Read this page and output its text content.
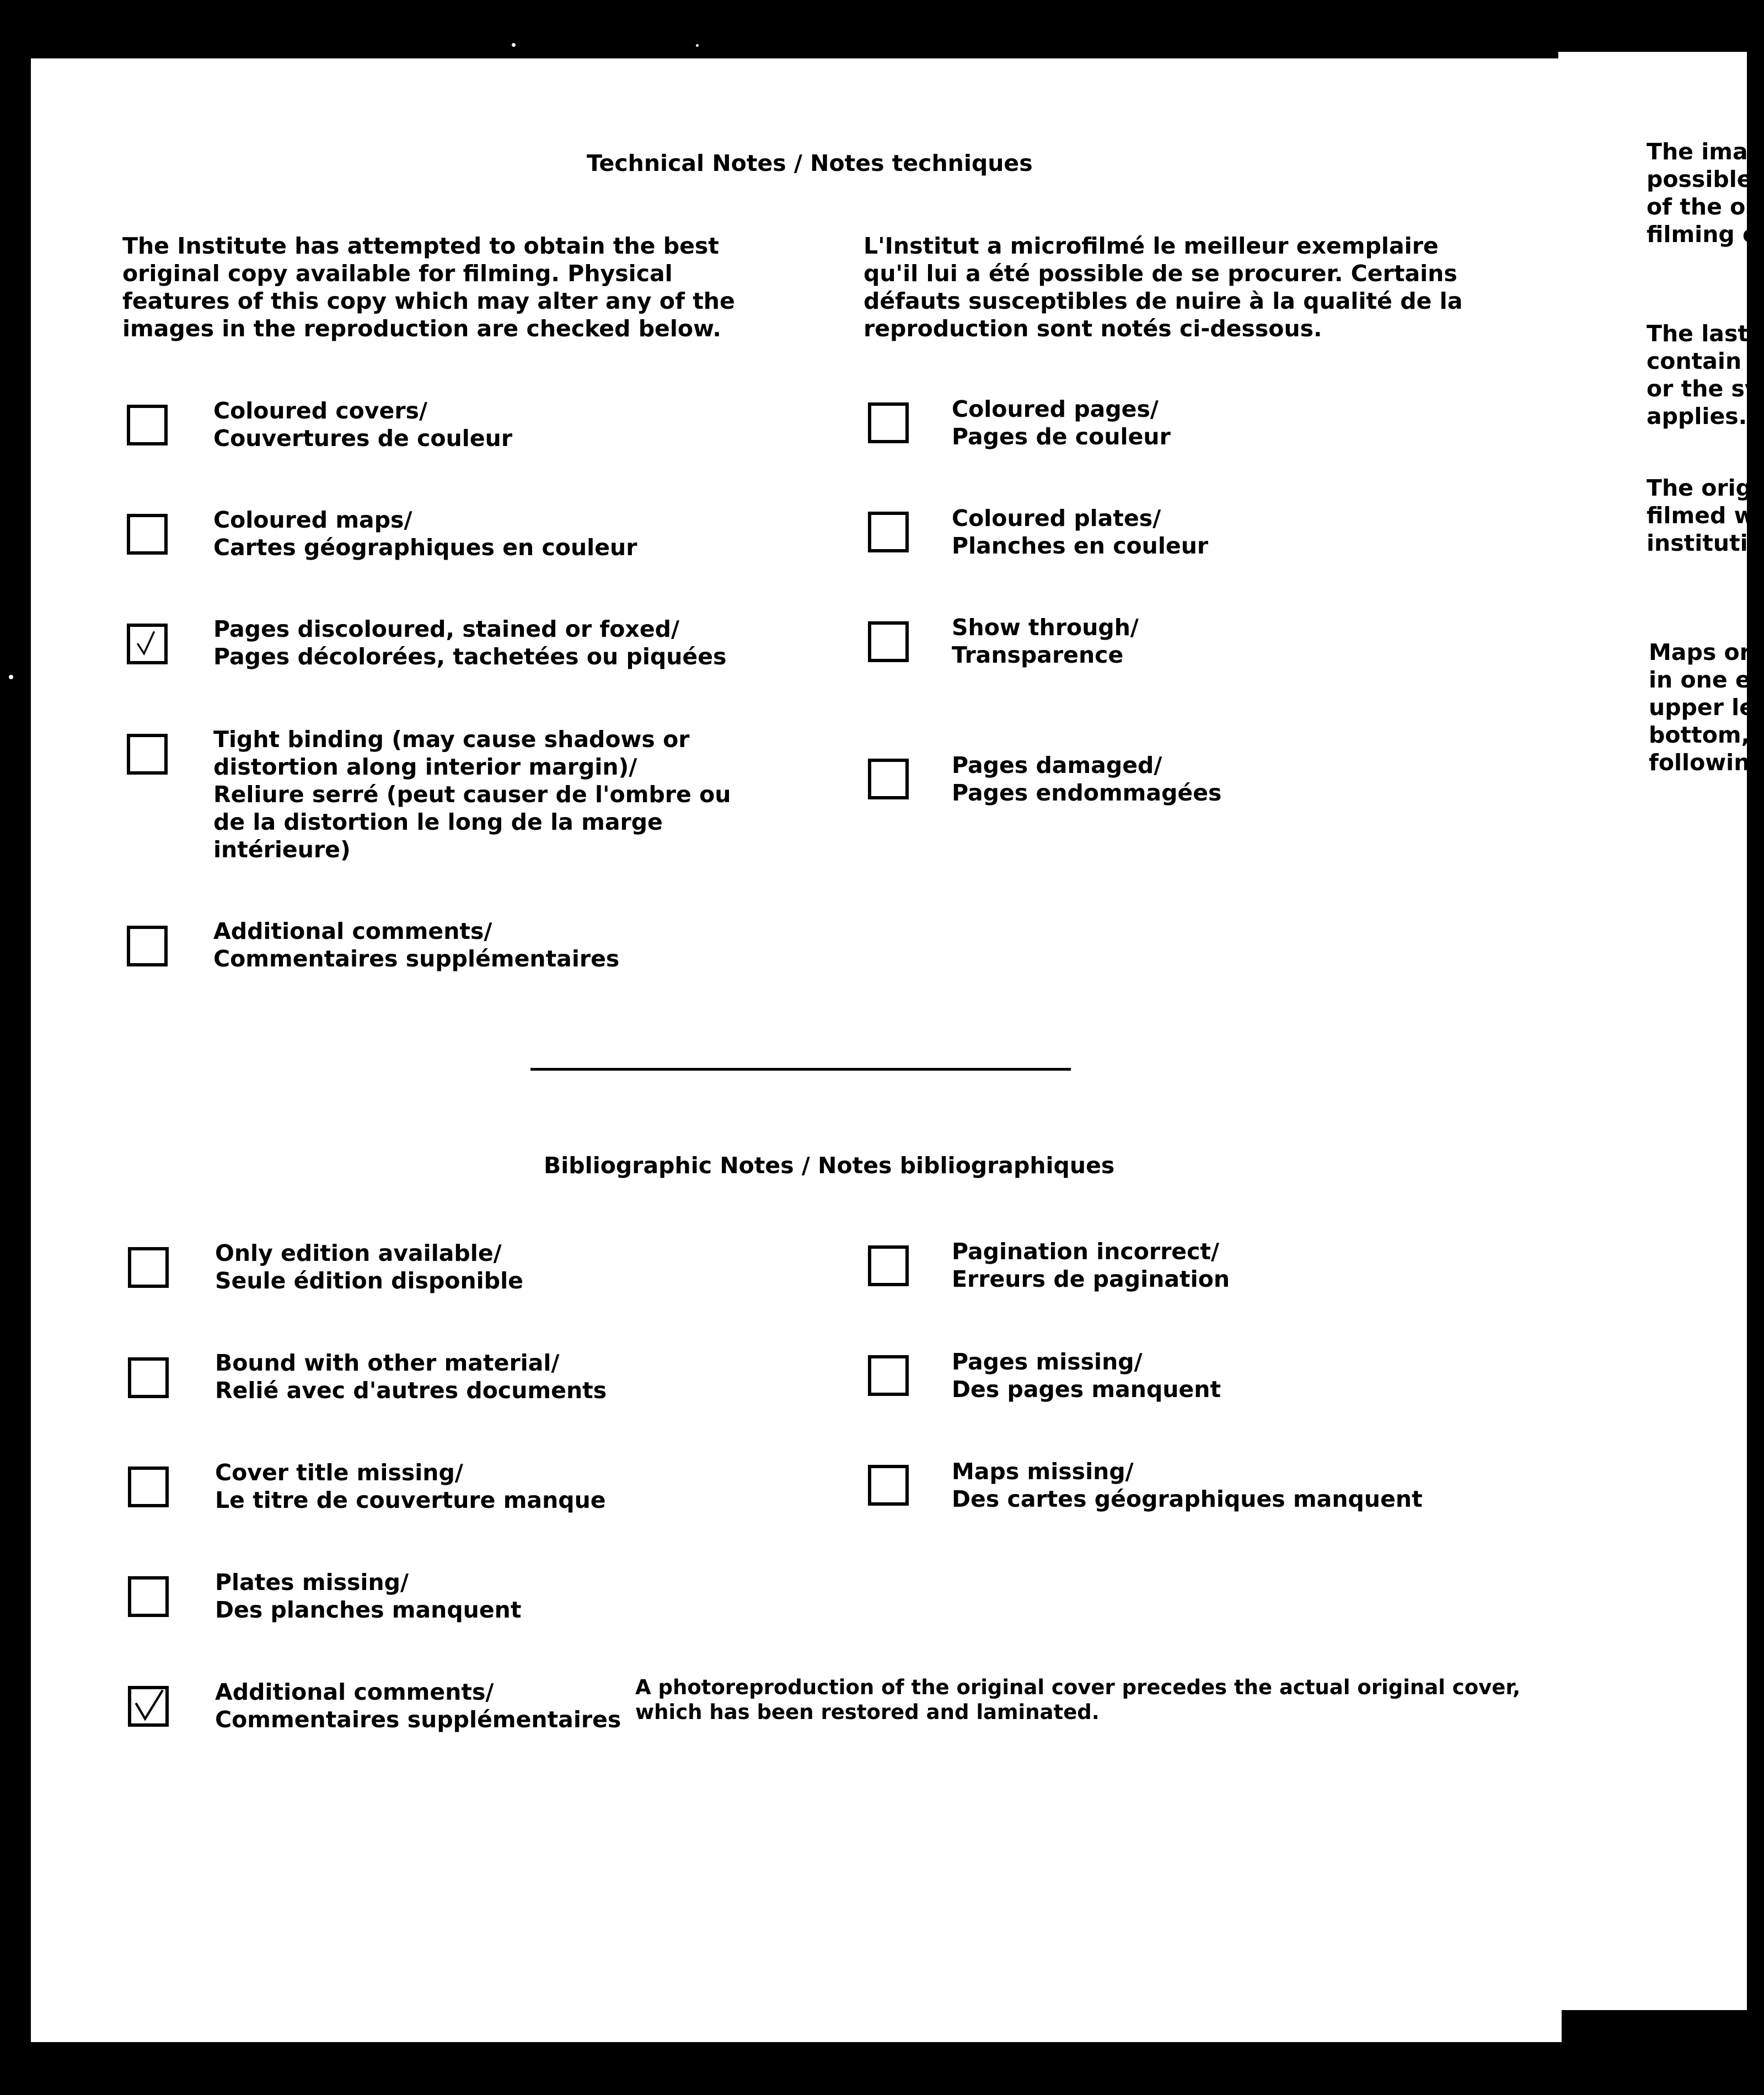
Technical Notes / Notes techniques
The Institute has attempted to obtain the best
original copy available for filming. Physical
features of this copy which may alter any of the
images in the reproduction are checked below.
L'Institut a microfilmé le meilleur exemplaire
qu'il lui a été possible de se procurer. Certains
défauts susceptibles de nuire à la qualité de la
reproduction sont notés ci-dessous.
Coloured covers/
Couvertures de couleur
Coloured maps/
Cartes géographiques en couleur
Pages discoloured, stained or foxed/
Pages décolorées, tachetées ou piquées
Tight binding (may cause shadows or
distortion along interior margin)/
Reliure serré (peut causer de l'ombre ou
de la distortion le long de la marge
intérieure)
Additional comments/
Commentaires supplémentaires
Coloured pages/
Pages de couleur
Coloured plates/
Planches en couleur
Show through/
Transparence
Pages damaged/
Pages endommagées
Bibliographic Notes / Notes bibliographiques
Only edition available/
Seule édition disponible
Bound with other material/
Relié avec d'autres documents
Cover title missing/
Le titre de couverture manque
Plates missing/
Des planches manquent
Additional comments/
Commentaires supplémentaires
Pagination incorrect/
Erreurs de pagination
Pages missing/
Des pages manquent
Maps missing/
Des cartes géographiques manquent
A photoreproduction of the original cover precedes the actual original cover,
which has been restored and laminated.
The imag
possible
of the or
filming c
The last
contain t
or the sy
applies.
The orig
filmed w
institutio
Maps or
in one e
upper le
bottom,
followin
